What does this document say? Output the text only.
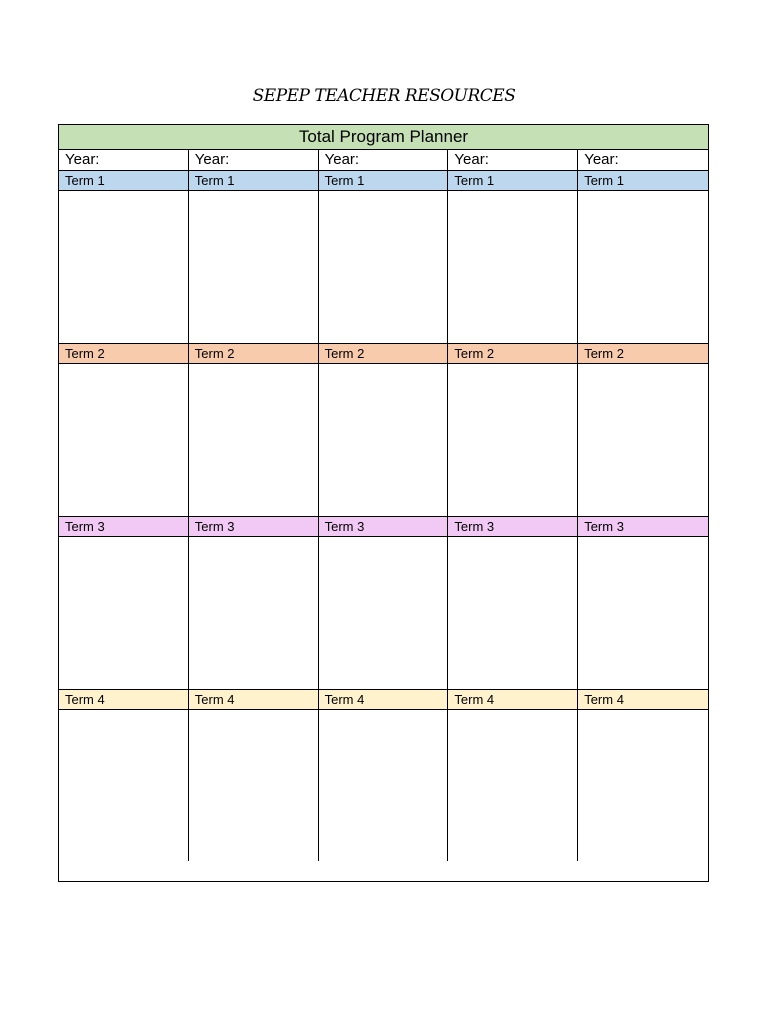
SEPEP TEACHER RESOURCES
Total Program Planner
Year:	Year:	Year:	Year:	Year:
Term 1	Term 1	Term 1	Term 1	Term 1
Term 2	Term 2	Term 2	Term 2	Term 2
Term 3	Term 3	Term 3	Term 3	Term 3
Term 4	Term 4	Term 4	Term 4	Term 4
